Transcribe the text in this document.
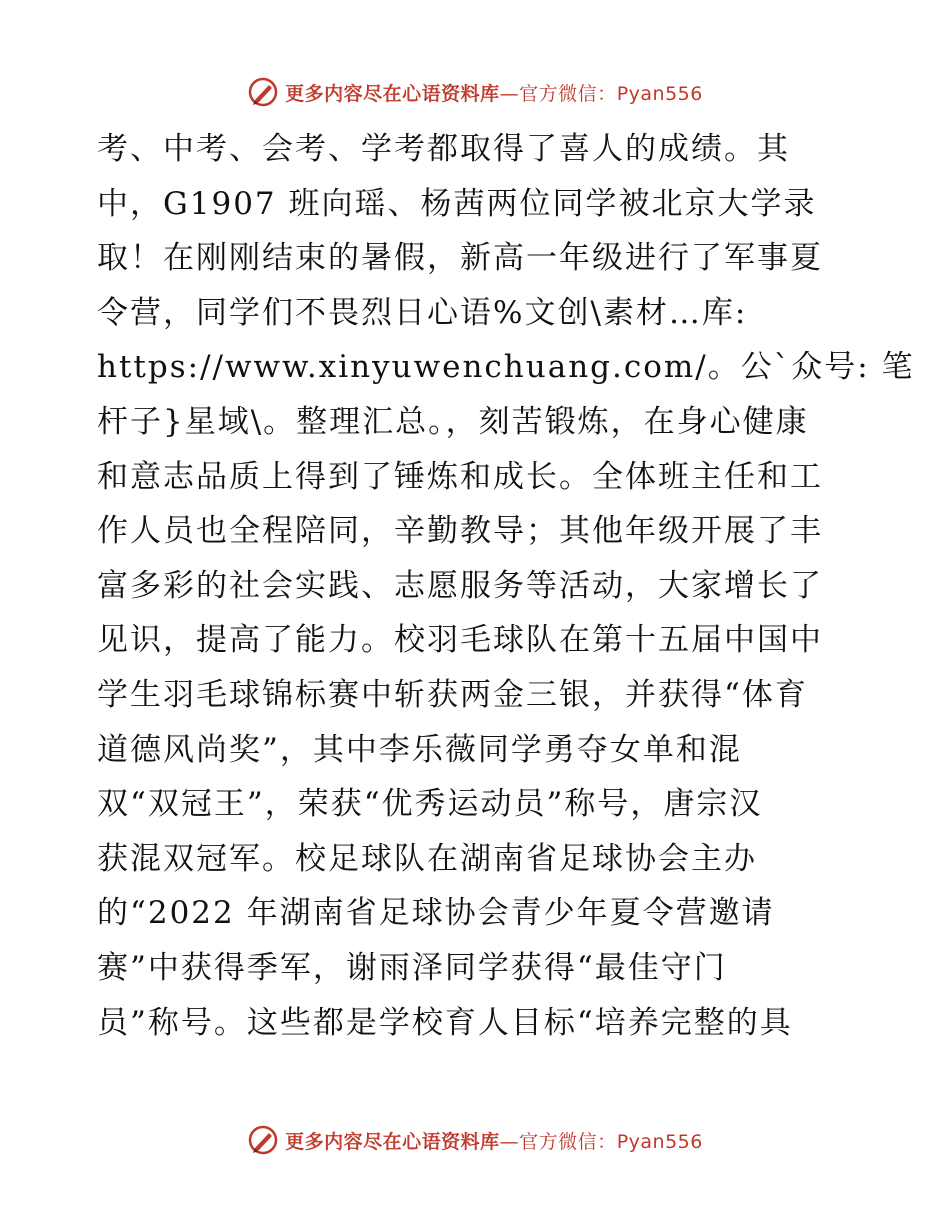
更多内容尽在心语资料库—官方微信：Pyan556
考、中考、会考、学考都取得了喜人的成绩。其
中，G1907 班向瑶、杨茜两位同学被北京大学录
取！在刚刚结束的暑假，新高一年级进行了军事夏
令营，同学们不畏烈日心语%文创\素材…库:
https://www.xinyuwenchuang.com/。公`众号: 笔
杆子}星域\。整理汇总。，刻苦锻炼，在身心健康
和意志品质上得到了锤炼和成长。全体班主任和工
作人员也全程陪同，辛勤教导；其他年级开展了丰
富多彩的社会实践、志愿服务等活动，大家增长了
见识，提高了能力。校羽毛球队在第十五届中国中
学生羽毛球锦标赛中斩获两金三银，并获得“体育
道德风尚奖”，其中李乐薇同学勇夺女单和混
双“双冠王”，荣获“优秀运动员”称号，唐宗汉
获混双冠军。校足球队在湖南省足球协会主办
的“2022 年湖南省足球协会青少年夏令营邀请
赛”中获得季军，谢雨泽同学获得“最佳守门
员”称号。这些都是学校育人目标“培养完整的具
更多内容尽在心语资料库—官方微信：Pyan556
